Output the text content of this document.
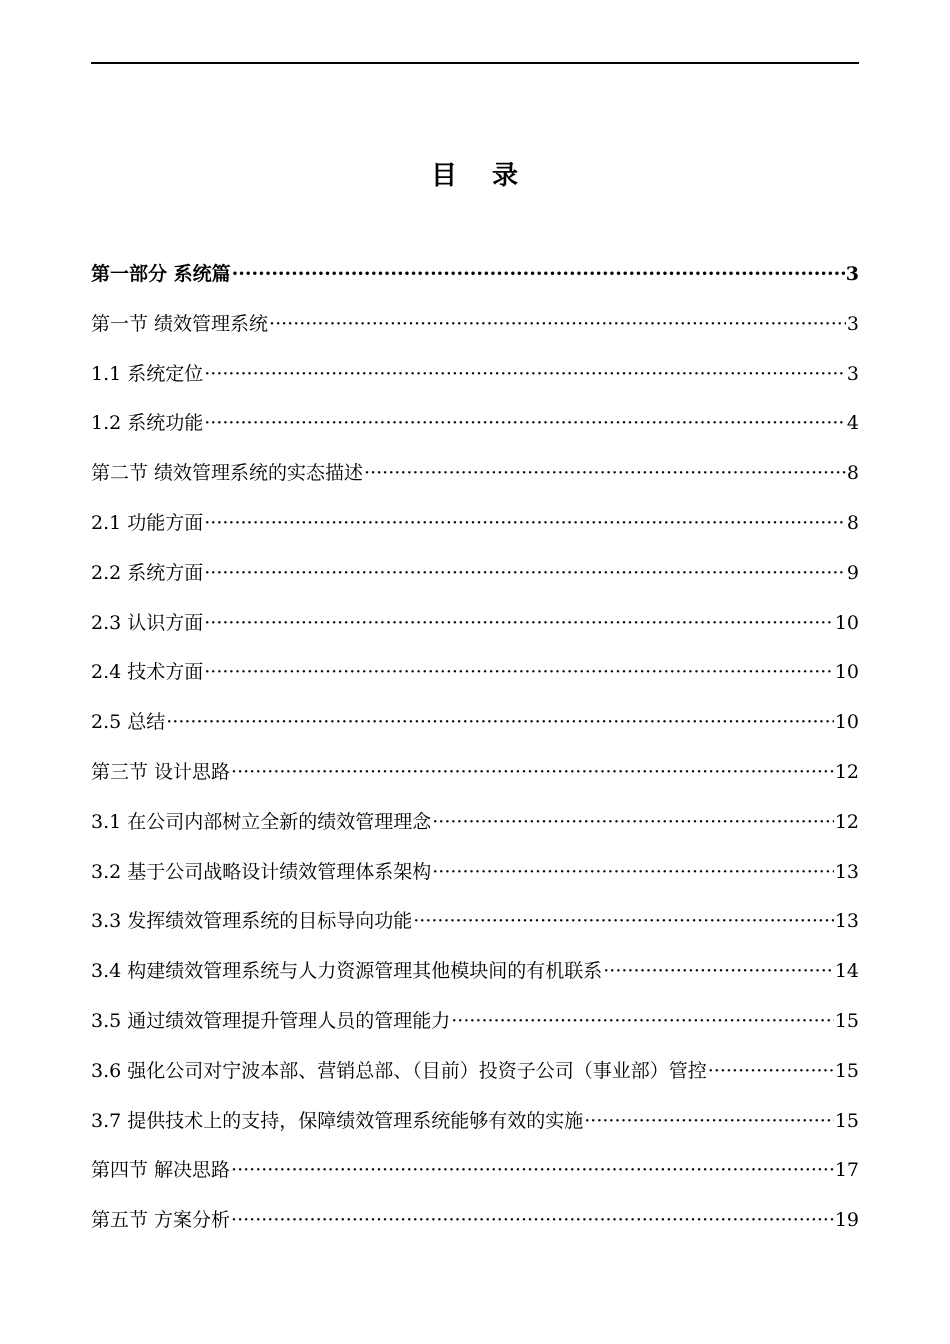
目 录
第一部分 系统篇 ·····	3
第一节 绩效管理系统 ·····	3
1.1 系统定位 ·····	3
1.2 系统功能 ·····	4
第二节 绩效管理系统的实态描述 ·····	8
2.1 功能方面 ·····	8
2.2 系统方面 ·····	9
2.3 认识方面 ·····	10
2.4 技术方面 ·····	10
2.5 总结 ·····	10
第三节 设计思路 ·····	12
3.1 在公司内部树立全新的绩效管理理念 ·····	12
3.2 基于公司战略设计绩效管理体系架构 ·····	13
3.3 发挥绩效管理系统的目标导向功能 ·····	13
3.4 构建绩效管理系统与人力资源管理其他模块间的有机联系 ·····	14
3.5 通过绩效管理提升管理人员的管理能力 ·····	15
3.6 强化公司对宁波本部、营销总部、（目前）投资子公司（事业部）管控 ·····	15
3.7 提供技术上的支持，保障绩效管理系统能够有效的实施 ·····	15
第四节 解决思路 ·····	17
第五节 方案分析 ·····	19
